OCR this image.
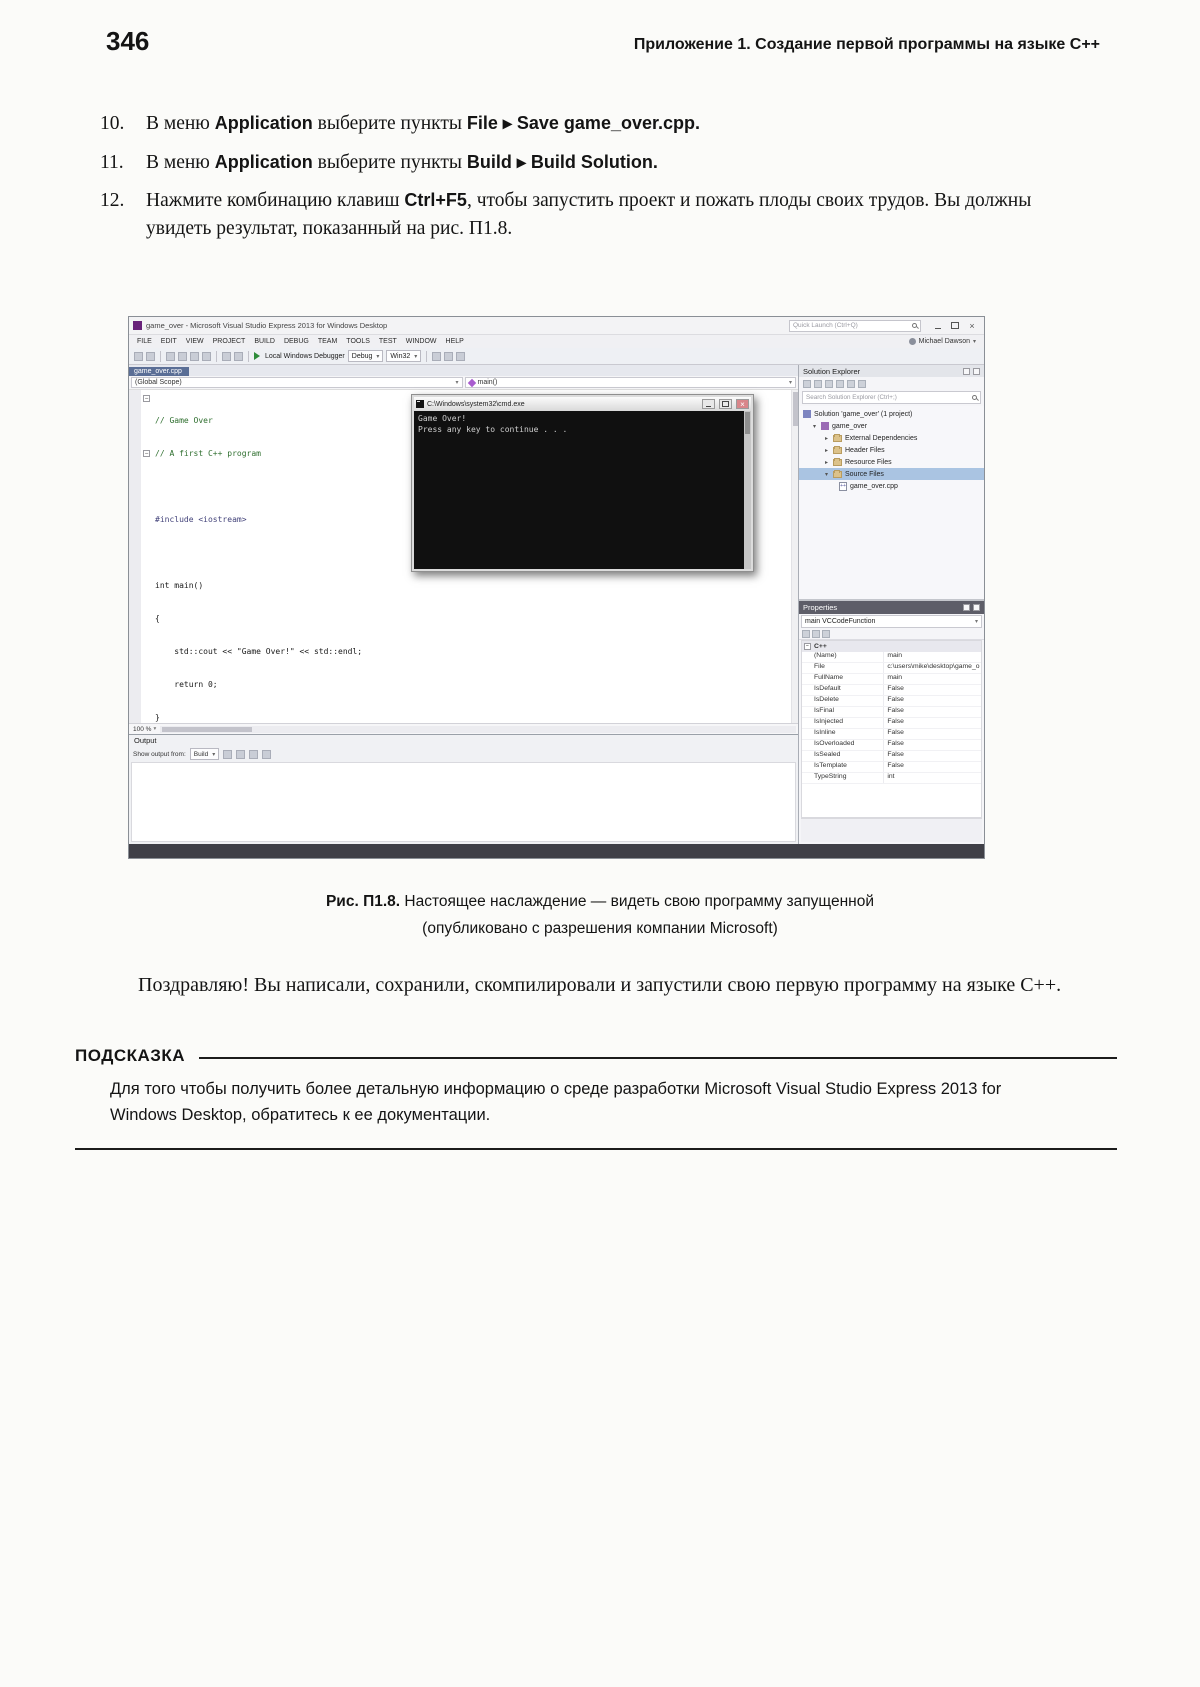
346	Приложение 1. Создание первой программы на языке C++
10. В меню Application выберите пункты File ▸ Save game_over.cpp.
11. В меню Application выберите пункты Build ▸ Build Solution.
12. Нажмите комбинацию клавиш Ctrl+F5, чтобы запустить проект и пожать плоды своих трудов. Вы должны увидеть результат, показанный на рис. П1.8.
game_over - Microsoft Visual Studio Express 2013 for Windows Desktop	Quick Launch (Ctrl+Q)
×
FILE EDIT VIEW PROJECT BUILD DEBUG TEAM TOOLS TEST WINDOW HELP	Michael Dawson
▾
Local Windows Debugger Debug
▾	Win32
▾
game_over.cpp
(Global Scope)
▾	main()
▾
−
−

// Game Over

// A first C++ program

#include <iostream>

int main()

{

std::cout << "Game Over!" << std::endl;

return 0;

}

100 %
▾
Output
Show output from: Build
▾
Solution Explorer
Search Solution Explorer (Ctrl+;)
Solution 'game_over' (1 project)
▾
game_over
▸
External Dependencies
▸
Header Files
▸
Resource Files
▾
Source Files
++
game_over.cpp
Properties
main VCCodeFunction
▾
−
C++
(Name)	main
File	c:\users\mike\desktop\game_o
FullName	main
IsDefault	False
IsDelete	False
IsFinal	False
IsInjected	False
IsInline	False
IsOverloaded	False
IsSealed	False
IsTemplate	False
TypeString	int
C:\Windows\system32\cmd.exe
×
Game Over!
Press any key to continue . . .
Рис. П1.8. Настоящее наслаждение — видеть свою программу запущенной
(опубликовано с разрешения компании Microsoft)
Поздравляю! Вы написали, сохранили, скомпилировали и запустили свою первую программу на языке C++.
ПОДСКАЗКА
Для того чтобы получить более детальную информацию о среде разработки Microsoft Visual Studio Express 2013 for Windows Desktop, обратитесь к ее документации.
